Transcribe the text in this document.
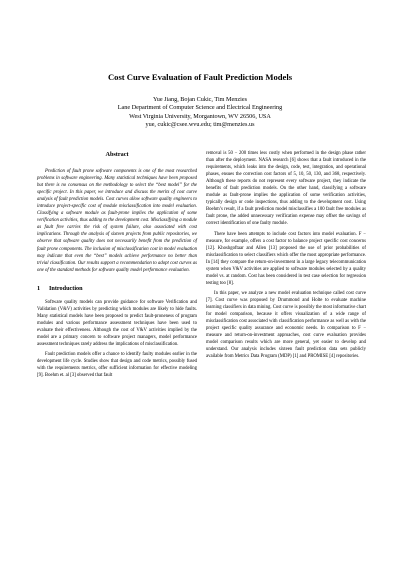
Cost Curve Evaluation of Fault Prediction Models
Yue Jiang, Bojan Cukic, Tim Menzies
Lane Department of Computer Science and Electrical Engineering
West Virginia University, Morgantown, WV 26506, USA
yue, cukic@csee.wvu.edu; tim@menzies.us
Abstract

Prediction of fault prone software components is one of the most researched problems in software engineering. Many statistical techniques have been proposed but there is no consensus on the methodology to select the “best model” for the specific project. In this paper, we introduce and discuss the merits of cost curve analysis of fault prediction models. Cost curves allow software quality engineers to introduce project-specific cost of module misclassification into model evaluation. Classifying a software module as fault-prone implies the application of some verification activities, thus adding to the development cost. Misclassifying a module as fault free carries the risk of system failure, also associated with cost implications. Through the analysis of sixteen projects from public repositories, we observe that software quality does not necessarily benefit from the prediction of fault prone components. The inclusion of misclassification cost in model evaluation may indicate that even the “best” models achieve performance no better than trivial classification. Our results support a recommendation to adopt cost curves as one of the standard methods for software quality model performance evaluation.

1 Introduction

Software quality models can provide guidance for software Verification and Validation (V&V) activities by predicting which modules are likely to hide faults. Many statistical models have been proposed to predict fault-proneness of program modules and various performance assessment techniques have been used to evaluate their effectiveness. Although the cost of V&V activities implied by the model are a primary concern to software project managers, model performance assessment techniques rarely address the implications of misclassification.

Fault prediction models offer a chance to identify faulty modules earlier in the development life cycle. Studies show that design and code metrics, possibly fused with the requirements metrics, offer sufficient information for effective modeling [9]. Boehm et. al [3] observed that fault

removal is 50 − 200 times less costly when performed in the design phase rather than after the deployment. NASA research [6] shows that a fault introduced in the requirements, which leaks into the design, code, test, integration, and operational phases, ensues the correction cost factors of 5, 10, 50, 130, and 368, respectively. Although these reports do not represent every software project, they indicate the benefits of fault prediction models. On the other hand, classifying a software module as fault-prone implies the application of some verification activities, typically design or code inspections, thus adding to the development cost. Using Boehm’s result, if a fault prediction model misclassifies a 100 fault free modules as fault prone, the added unnecessary verification expense may offset the savings of correct identification of one faulty module.

There have been attempts to include cost factors into model evaluation. F − measure, for example, offers a cost factor to balance project specific cost concerns [12]. Khoshgoftaar and Allen [13] proposed the use of prior probabilities of misclassification to select classifiers which offer the most appropriate performance. In [14] they compare the return-on-investment in a large legacy telecommunication system when V&V activities are applied to software modules selected by a quality model vs. at random. Cost has been considered in test case selection for regression testing too [8].

In this paper, we analyze a new model evaluation technique called cost curve [7]. Cost curve was proposed by Drummond and Holte to evaluate machine learning classifiers in data mining. Cost curve is possibly the most informative chart for model comparison, because it offers visualization of a wide range of misclassification cost associated with classification performance as well as with the project specific quality assurance and economic needs. In comparison to F − measure and return-on-investment approaches, cost curve evaluation provides model comparison results which are more general, yet easier to develop and understand. Our analysis includes sixteen fault prediction data sets publicly available from Metrics Data Program (MDP) [1] and PROMISE [4] repositories.
